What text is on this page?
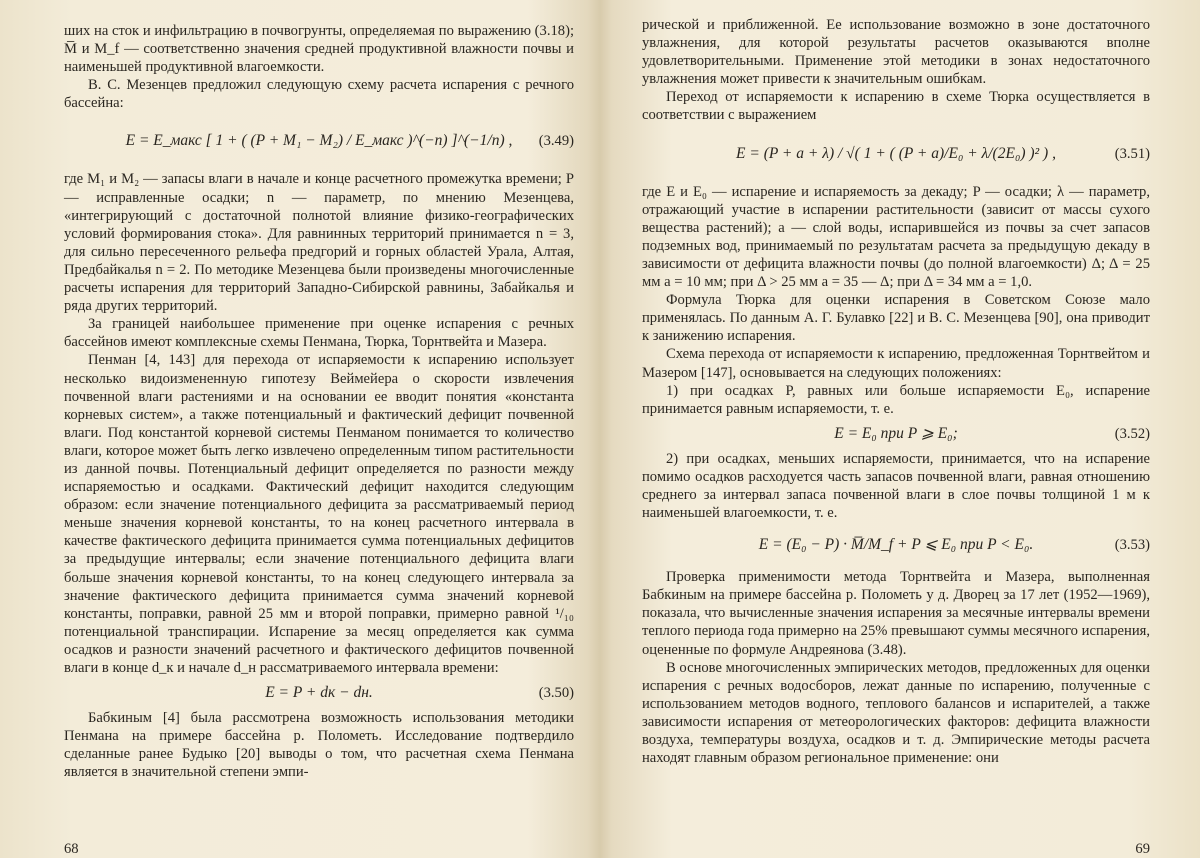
ших на сток и инфильтрацию в почвогрунты, определяемая по выражению (3.18); M̅ и M_f — соответственно значения средней продуктивной влажности почвы и наименьшей продуктивной влагоемкости.

В. С. Мезенцев предложил следующую схему расчета испарения с речного бассейна:

E = E_макс [ 1 + ( (P + M₁ − M₂) / E_макс )^(−n) ]^(−1/n) , (3.49)

где M₁ и M₂ — запасы влаги в начале и конце расчетного промежутка времени; P — исправленные осадки; n — параметр, по мнению Мезенцева, «интегрирующий с достаточной полнотой влияние физико-географических условий формирования стока». Для равнинных территорий принимается n = 3, для сильно пересеченного рельефа предгорий и горных областей Урала, Алтая, Предбайкалья n = 2. По методике Мезенцева были произведены многочисленные расчеты испарения для территорий Западно-Сибирской равнины, Забайкалья и ряда других территорий.

За границей наибольшее применение при оценке испарения с речных бассейнов имеют комплексные схемы Пенмана, Тюрка, Торнтвейта и Мазера.

Пенман [4, 143] для перехода от испаряемости к испарению использует несколько видоизмененную гипотезу Веймейера о скорости извлечения почвенной влаги растениями и на основании ее вводит понятия «константа корневых систем», а также потенциальный и фактический дефицит почвенной влаги. Под константой корневой системы Пенманом понимается то количество влаги, которое может быть легко извлечено определенным типом растительности из данной почвы. Потенциальный дефицит определяется по разности между испаряемостью и осадками. Фактический дефицит находится следующим образом: если значение потенциального дефицита за рассматриваемый период меньше значения корневой константы, то на конец расчетного интервала в качестве фактического дефицита принимается сумма потенциальных дефицитов за предыдущие интервалы; если значение потенциального дефицита влаги больше значения корневой константы, то на конец следующего интервала за значение фактического дефицита принимается сумма значений корневой константы, поправки, равной 25 мм и второй поправки, примерно равной ¹/₁₀ потенциальной транспирации. Испарение за месяц определяется как сумма осадков и разности значений расчетного и фактического дефицитов почвенной влаги в конце d_к и начале d_н рассматриваемого интервала времени:

E = P + dк − dн.	(3.50)

Бабкиным [4] была рассмотрена возможность использования методики Пенмана на примере бассейна р. Полометь. Исследование подтвердило сделанные ранее Будыко [20] выводы о том, что расчетная схема Пенмана является в значительной степени эмпи-

68

рической и приближенной. Ее использование возможно в зоне достаточного увлажнения, для которой результаты расчетов оказываются вполне удовлетворительными. Применение этой методики в зонах недостаточного увлажнения может привести к значительным ошибкам.

Переход от испаряемости к испарению в схеме Тюрка осуществляется в соответствии с выражением

E = (P + a + λ) / √( 1 + ( (P + a)/E₀ + λ/(2E₀) )² ) ,	(3.51)

где E и E₀ — испарение и испаряемость за декаду; P — осадки; λ — параметр, отражающий участие в испарении растительности (зависит от массы сухого вещества растений); a — слой воды, испарившейся из почвы за счет запасов подземных вод, принимаемый по результатам расчета за предыдущую декаду в зависимости от дефицита влажности почвы (до полной влагоемкости) Δ; Δ = 25 мм a = 10 мм; при Δ > 25 мм a = 35 — Δ; при Δ = 34 мм a = 1,0.

Формула Тюрка для оценки испарения в Советском Союзе мало применялась. По данным А. Г. Булавко [22] и В. С. Мезенцева [90], она приводит к занижению испарения.

Схема перехода от испаряемости к испарению, предложенная Торнтвейтом и Мазером [147], основывается на следующих положениях:

1) при осадках P, равных или больше испаряемости E₀, испарение принимается равным испаряемости, т. е.

E = E₀ при P ⩾ E₀;	(3.52)

2) при осадках, меньших испаряемости, принимается, что на испарение помимо осадков расходуется часть запасов почвенной влаги, равная отношению среднего за интервал запаса почвенной влаги в слое почвы толщиной 1 м к наименьшей влагоемкости, т. е.

E = (E₀ − P) · M̅/M_f + P ⩽ E₀ при P < E₀.	(3.53)

Проверка применимости метода Торнтвейта и Мазера, выполненная Бабкиным на примере бассейна р. Полометь у д. Дворец за 17 лет (1952—1969), показала, что вычисленные значения испарения за месячные интервалы времени теплого периода года примерно на 25% превышают суммы месячного испарения, оцененные по формуле Андреянова (3.48).

В основе многочисленных эмпирических методов, предложенных для оценки испарения с речных водосборов, лежат данные по испарению, полученные с использованием методов водного, теплового балансов и испарителей, а также зависимости испарения от метеорологических факторов: дефицита влажности воздуха, температуры воздуха, осадков и т. д. Эмпирические методы расчета находят главным образом региональное применение: они

69
